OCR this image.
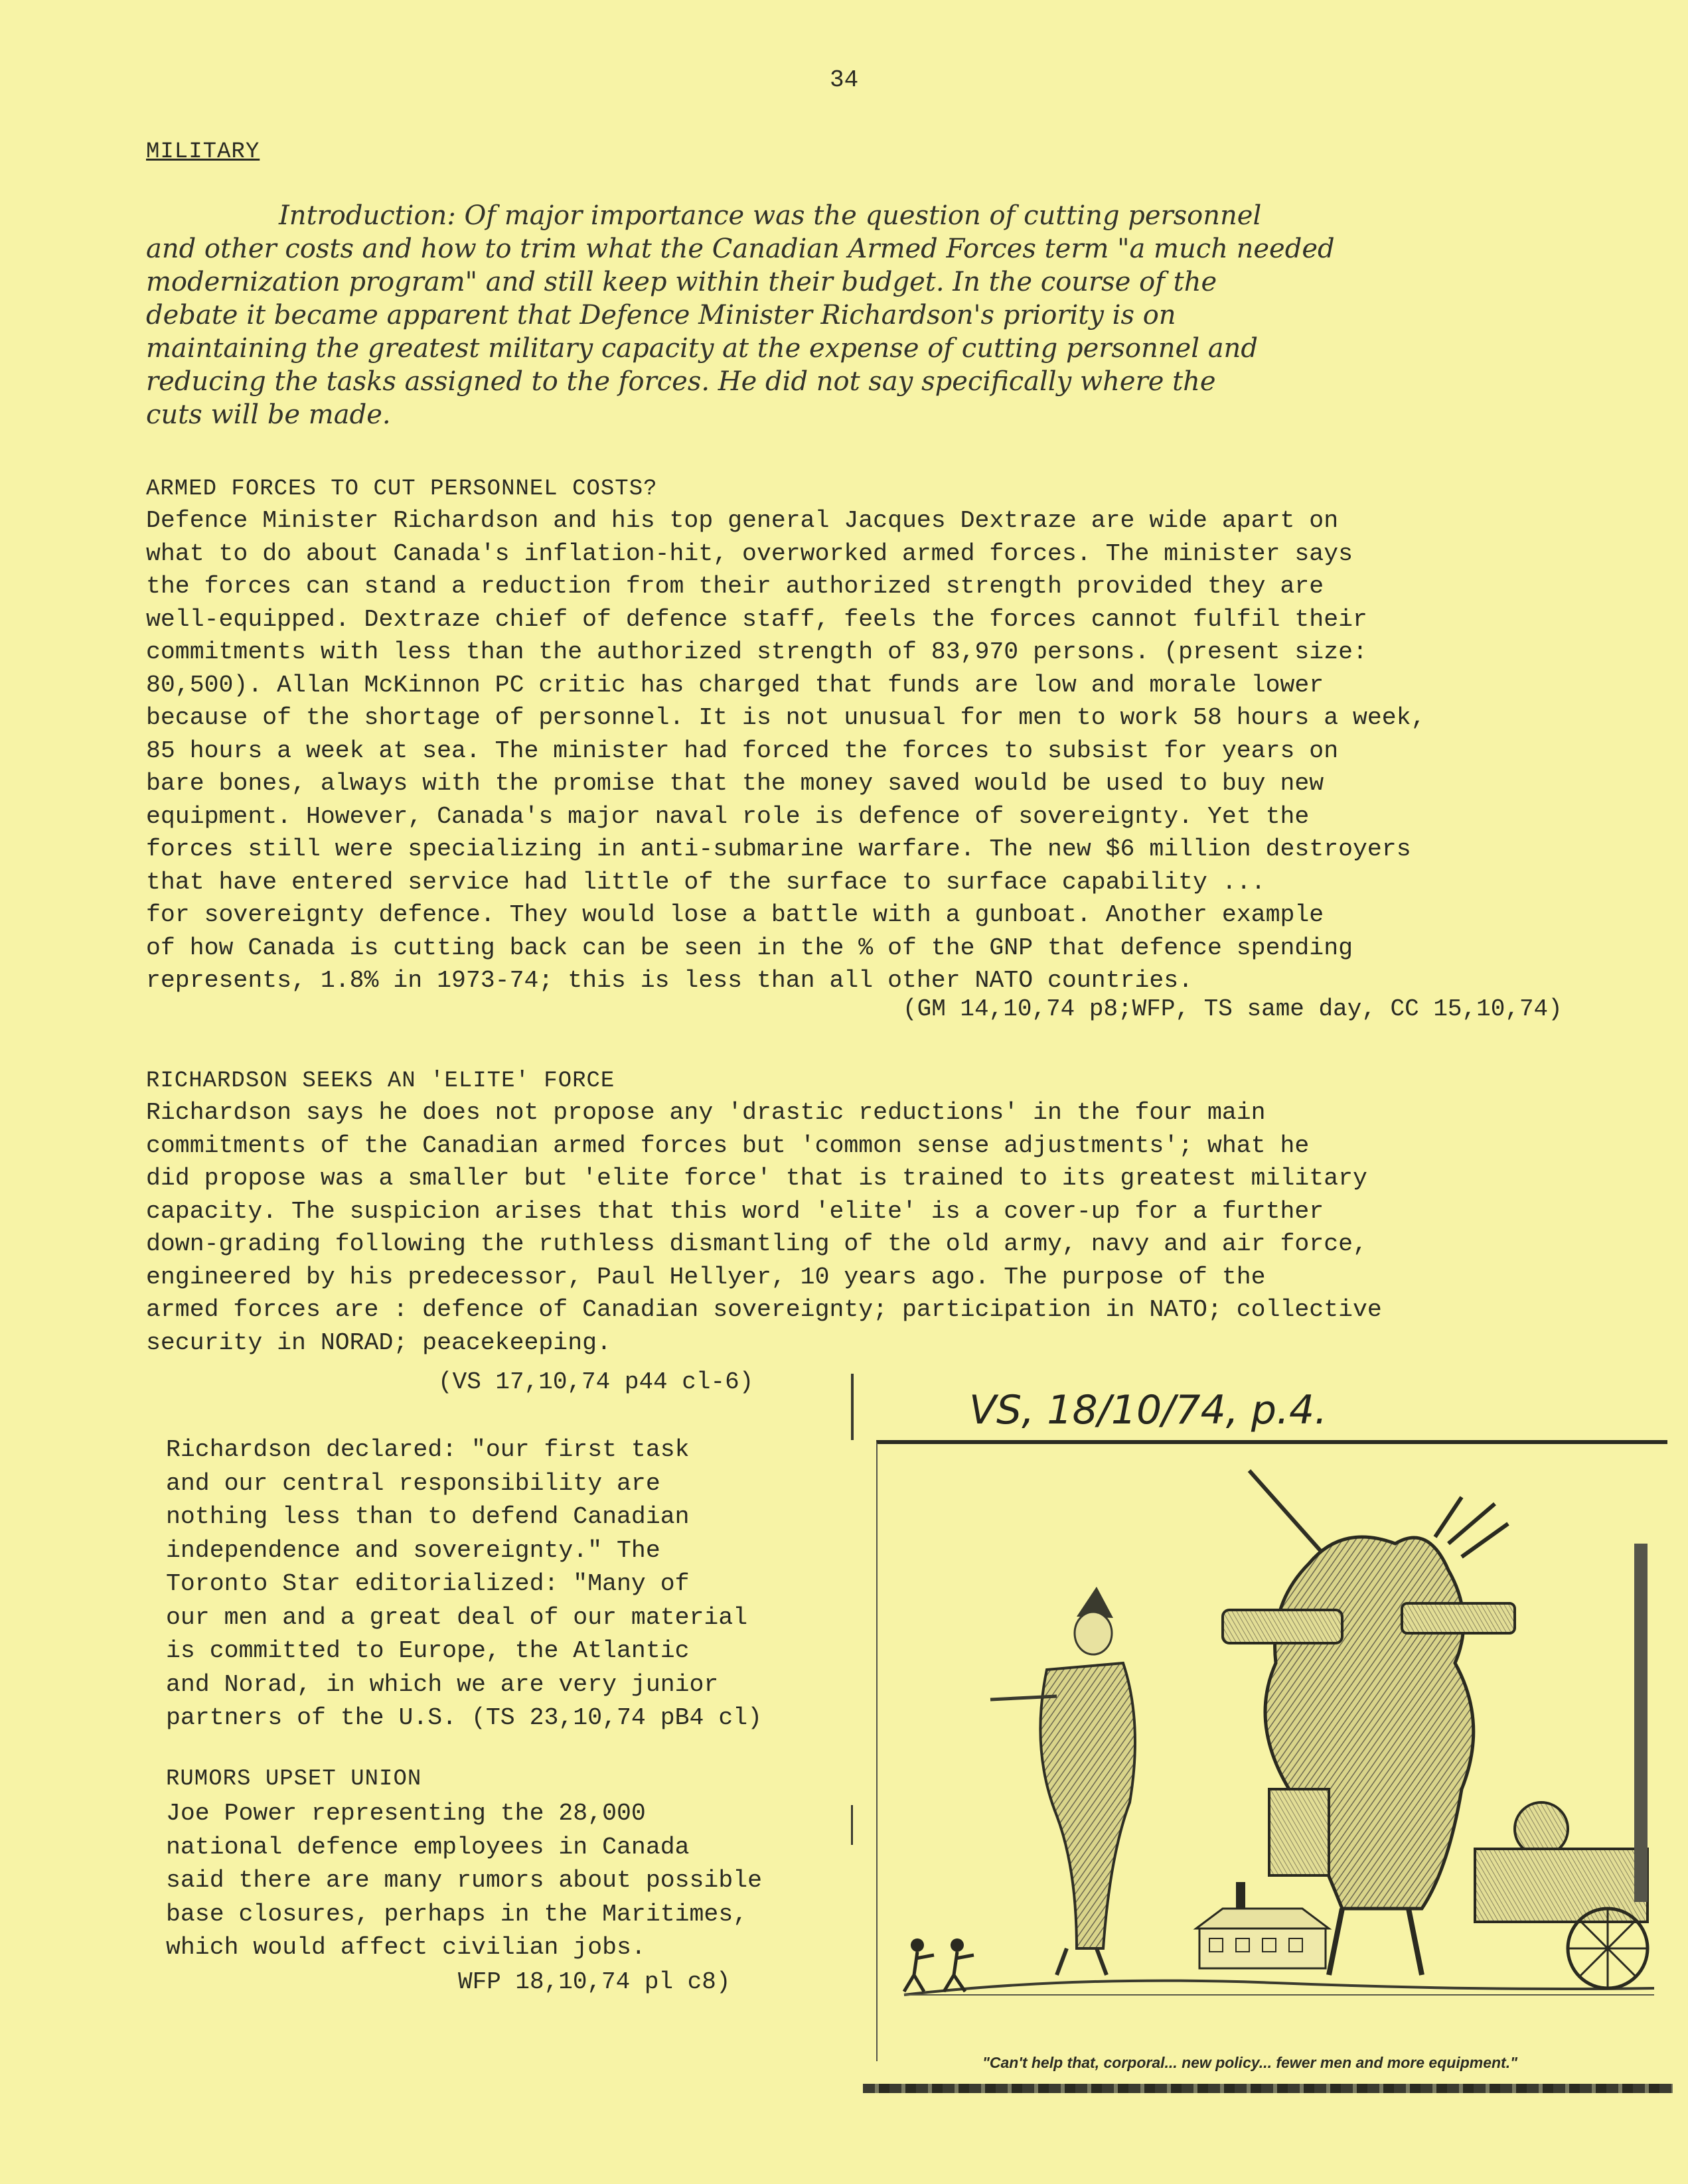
34
MILITARY
Introduction: Of major importance was the question of cutting personnel
and other costs and how to trim what the Canadian Armed Forces term "a much needed
modernization program" and still keep within their budget. In the course of the
debate it became apparent that Defence Minister Richardson's priority is on
maintaining the greatest military capacity at the expense of cutting personnel and
reducing the tasks assigned to the forces. He did not say specifically where the
cuts will be made.
ARMED FORCES TO CUT PERSONNEL COSTS?
Defence Minister Richardson and his top general Jacques Dextraze are wide apart on
what to do about Canada's inflation-hit, overworked armed forces. The minister says
the forces can stand a reduction from their authorized strength provided they are
well-equipped. Dextraze chief of defence staff, feels the forces cannot fulfil their
commitments with less than the authorized strength of 83,970 persons. (present size:
80,500). Allan McKinnon PC critic has charged that funds are low and morale lower
because of the shortage of personnel. It is not unusual for men to work 58 hours a week,
85 hours a week at sea. The minister had forced the forces to subsist for years on
bare bones, always with the promise that the money saved would be used to buy new
equipment. However, Canada's major naval role is defence of sovereignty. Yet the
forces still were specializing in anti-submarine warfare. The new $6 million destroyers
that have entered service had little of the surface to surface capability ...
for sovereignty defence. They would lose a battle with a gunboat. Another example
of how Canada is cutting back can be seen in the % of the GNP that defence spending
represents, 1.8% in 1973-74; this is less than all other NATO countries.
(GM 14,10,74 p8;WFP, TS same day, CC 15,10,74)
RICHARDSON SEEKS AN 'ELITE' FORCE
Richardson says he does not propose any 'drastic reductions' in the four main
commitments of the Canadian armed forces but 'common sense adjustments'; what he
did propose was a smaller but 'elite force' that is trained to its greatest military
capacity. The suspicion arises that this word 'elite' is a cover-up for a further
down-grading following the ruthless dismantling of the old army, navy and air force,
engineered by his predecessor, Paul Hellyer, 10 years ago. The purpose of the
armed forces are : defence of Canadian sovereignty; participation in NATO; collective
security in NORAD; peacekeeping.
(VS 17,10,74 p44 cl-6)
Richardson declared: "our first task
and our central responsibility are
nothing less than to defend Canadian
independence and sovereignty." The
Toronto Star editorialized: "Many of
our men and a great deal of our material
is committed to Europe, the Atlantic
and Norad, in which we are very junior
partners of the U.S. (TS 23,10,74 pB4 cl)
RUMORS UPSET UNION
Joe Power representing the 28,000
national defence employees in Canada
said there are many rumors about possible
base closures, perhaps in the Maritimes,
which would affect civilian jobs.
WFP 18,10,74 pl c8)
VS, 18/10/74, p.4.
"Can't help that, corporal... new policy... fewer men and more equipment."
